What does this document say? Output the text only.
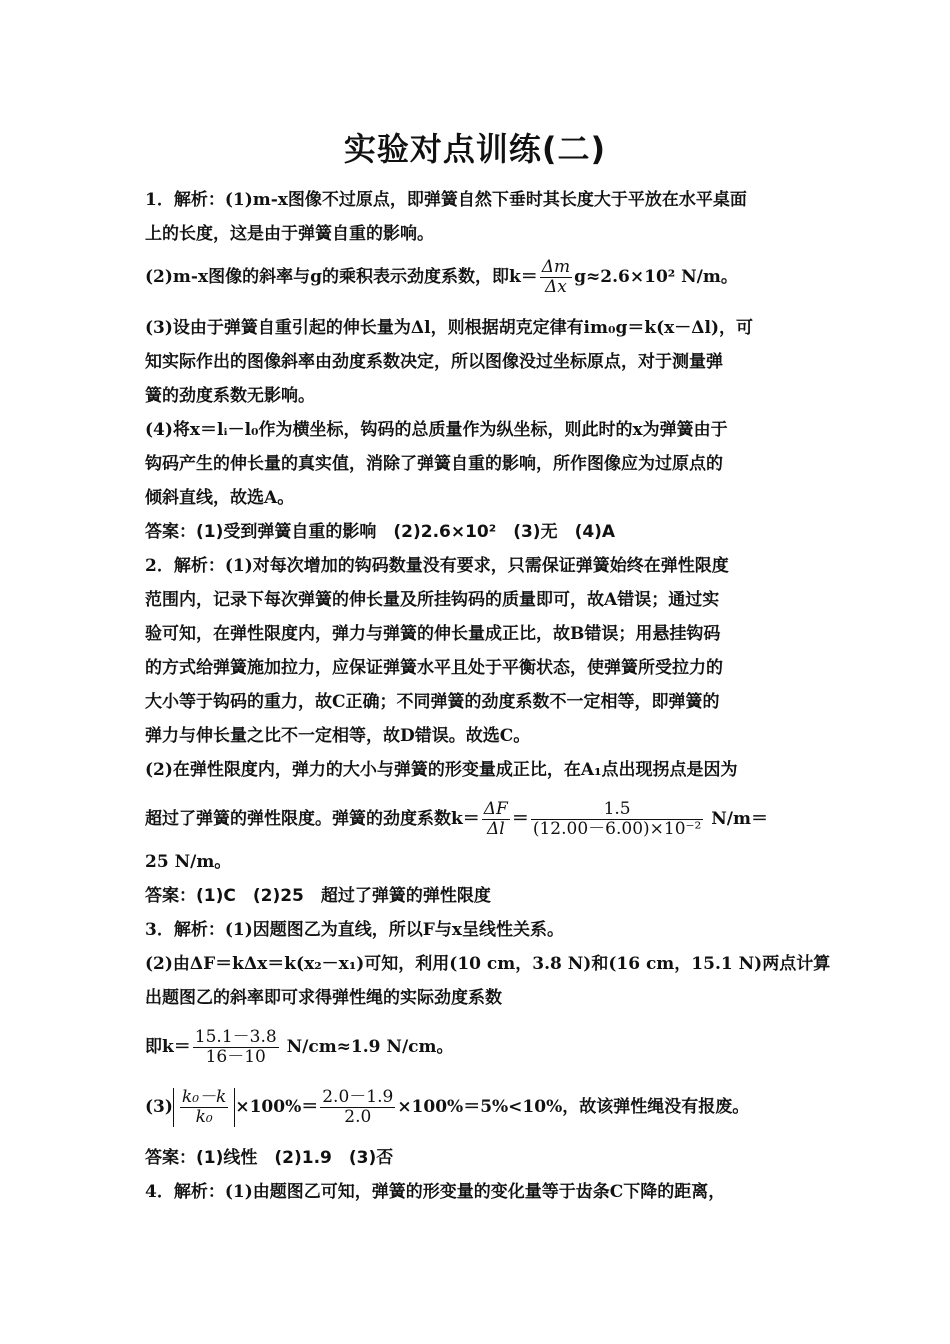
实验对点训练(二)
1．解析：(1)m-x图像不过原点，即弹簧自然下垂时其长度大于平放在水平桌面
上的长度，这是由于弹簧自重的影响。
(2)m-x图像的斜率与g的乘积表示劲度系数，即$k= \frac{\Delta m}{\Delta x} g\approx 2.6\times 10^2$ N/m。
(3)设由于弹簧自重引起的伸长量为Δl，则根据胡克定律有im₀g＝k(x－Δl)，可
知实际作出的图像斜率由劲度系数决定，所以图像没过坐标原点，对于测量弹
簧的劲度系数无影响。
(4)将x＝lᵢ－l₀作为横坐标，钩码的总质量作为纵坐标，则此时的x为弹簧由于
钩码产生的伸长量的真实值，消除了弹簧自重的影响，所作图像应为过原点的
倾斜直线，故选A。
答案：(1)受到弹簧自重的影响　(2)2.6×10²　(3)无　(4)A
2．解析：(1)对每次增加的钩码数量没有要求，只需保证弹簧始终在弹性限度
范围内，记录下每次弹簧的伸长量及所挂钩码的质量即可，故A错误；通过实
验可知，在弹性限度内，弹力与弹簧的伸长量成正比，故B错误；用悬挂钩码
的方式给弹簧施加拉力，应保证弹簧水平且处于平衡状态，使弹簧所受拉力的
大小等于钩码的重力，故C正确；不同弹簧的劲度系数不一定相等，即弹簧的
弹力与伸长量之比不一定相等，故D错误。故选C。
(2)在弹性限度内，弹力的大小与弹簧的形变量成正比，在A₁点出现拐点是因为
超过了弹簧的弹性限度。弹簧的劲度系数$k= \frac{\Delta F}{\Delta l} = \frac{1.5}{\text{(12.00－6.00)×10⁻²}} N/m=$
25 N/m。
答案：(1)C　(2)25　超过了弹簧的弹性限度
3．解析：(1)因题图乙为直线，所以F与x呈线性关系。
(2)由ΔF＝kΔx＝k(x₂－x₁)可知，利用(10 cm，3.8 N)和(16 cm，15.1 N)两点计算
出题图乙的斜率即可求得弹性绳的实际劲度系数
即$k= \frac{15.1-3.8}{16-10} N/cm\approx 1.9$ N/cm。
$(3) \frac{\text{k₀－k}}{\text{k₀}} \times 100\%= \frac{2.0-1.9}{2.0} \times 100\%=5\%<10\%$，故该弹性绳没有报废。
答案：(1)线性　(2)1.9　(3)否
4．解析：(1)由题图乙可知，弹簧的形变量的变化量等于齿条C下降的距离，
